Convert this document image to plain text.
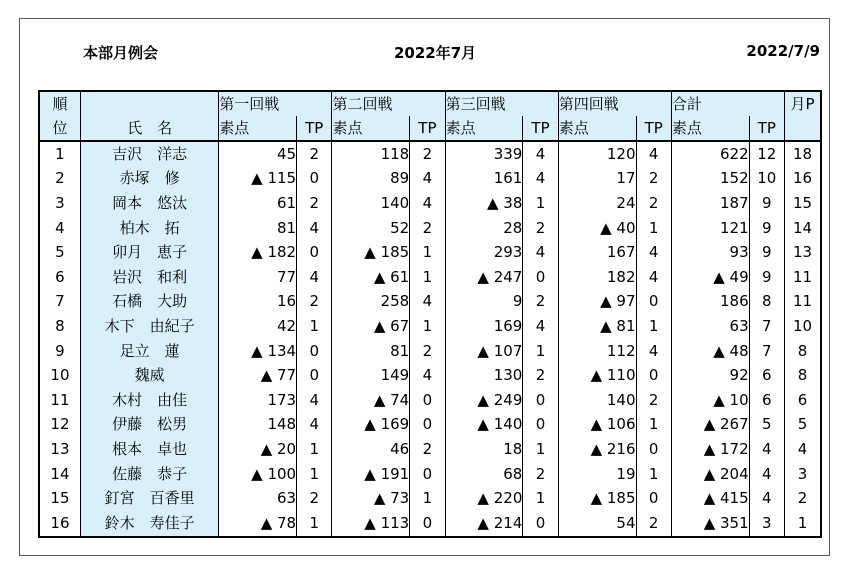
本部月例会	2022年7月	2022/7/9
順		第一回戦		第二回戦		第三回戦		第四回戦		合計		月P
位	氏　名	素点	TP	素点	TP	素点	TP	素点	TP	素点	TP	
1	吉沢　洋志	45	2	118	2	339	4	120	4	622	12	18
2	赤塚　修	▲ 115	0	89	4	161	4	17	2	152	10	16
3	岡本　悠汰	61	2	140	4	▲ 38	1	24	2	187	9	15
4	柏木　拓	81	4	52	2	28	2	▲ 40	1	121	9	14
5	卯月　恵子	▲ 182	0	▲ 185	1	293	4	167	4	93	9	13
6	岩沢　和利	77	4	▲ 61	1	▲ 247	0	182	4	▲ 49	9	11
7	石橋　大助	16	2	258	4	9	2	▲ 97	0	186	8	11
8	木下　由紀子	42	1	▲ 67	1	169	4	▲ 81	1	63	7	10
9	足立　蓮	▲ 134	0	81	2	▲ 107	1	112	4	▲ 48	7	8
10	魏威	▲ 77	0	149	4	130	2	▲ 110	0	92	6	8
11	木村　由佳	173	4	▲ 74	0	▲ 249	0	140	2	▲ 10	6	6
12	伊藤　松男	148	4	▲ 169	0	▲ 140	0	▲ 106	1	▲ 267	5	5
13	根本　卓也	▲ 20	1	46	2	18	1	▲ 216	0	▲ 172	4	4
14	佐藤　恭子	▲ 100	1	▲ 191	0	68	2	19	1	▲ 204	4	3
15	釘宮　百香里	63	2	▲ 73	1	▲ 220	1	▲ 185	0	▲ 415	4	2
16	鈴木　寿佳子	▲ 78	1	▲ 113	0	▲ 214	0	54	2	▲ 351	3	1
